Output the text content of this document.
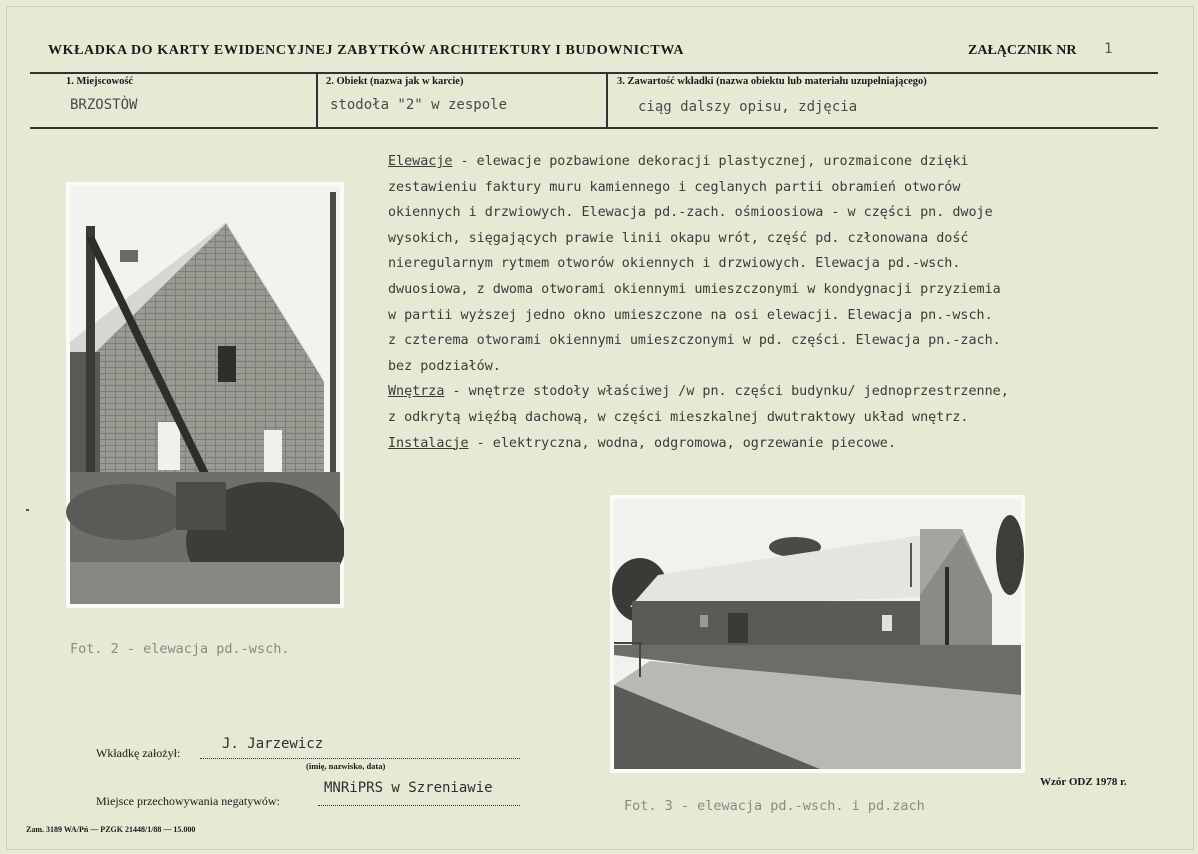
WKŁADKA DO KARTY EWIDENCYJNEJ ZABYTKÓW ARCHITEKTURY I BUDOWNICTWA	ZAŁĄCZNIK NR 1
1. Miejscowość
BRZOSTÒW
2. Obiekt (nazwa jak w karcie)
stodoła "2" w zespole
3. Zawartość wkładki (nazwa obiektu lub materiału uzupełniającego)
ciąg dalszy opisu, zdjęcia
Elewacje - elewacje pozbawione dekoracji plastycznej, urozmaicone dzięki
zestawieniu faktury muru kamiennego i ceglanych partii obramień otworów
okiennych i drzwiowych. Elewacja pd.-zach. ośmioosiowa - w części pn. dwoje
wysokich, sięgających prawie linii okapu wrót, część pd. członowana dość
nieregularnym rytmem otworów okiennych i drzwiowych. Elewacja pd.-wsch.
dwuosiowa, z dwoma otworami okiennymi umieszczonymi w kondygnacji przyziemia
w partii wyższej jedno okno umieszczone na osi elewacji. Elewacja pn.-wsch.
z czterema otworami okiennymi umieszczonymi w pd. części. Elewacja pn.-zach.
bez podziałów.
Wnętrza - wnętrze stodoły właściwej /w pn. części budynku/ jednoprzestrzenne,
z odkrytą więźbą dachową, w części mieszkalnej dwutraktowy układ wnętrz.
Instalacje - elektryczna, wodna, odgromowa, ogrzewanie piecowe.
Fot. 2 - elewacja pd.-wsch.
Fot. 3 - elewacja pd.-wsch. i pd.zach
Wkładkę założył:
J. Jarzewicz
(imię, nazwisko, data)
Miejsce przechowywania negatywów:
MNRiPRS w Szreniawie	Wzór ODZ 1978 r.
Zam. 3189 WA/Pń — PZGK 21448/1/88 — 15.000
